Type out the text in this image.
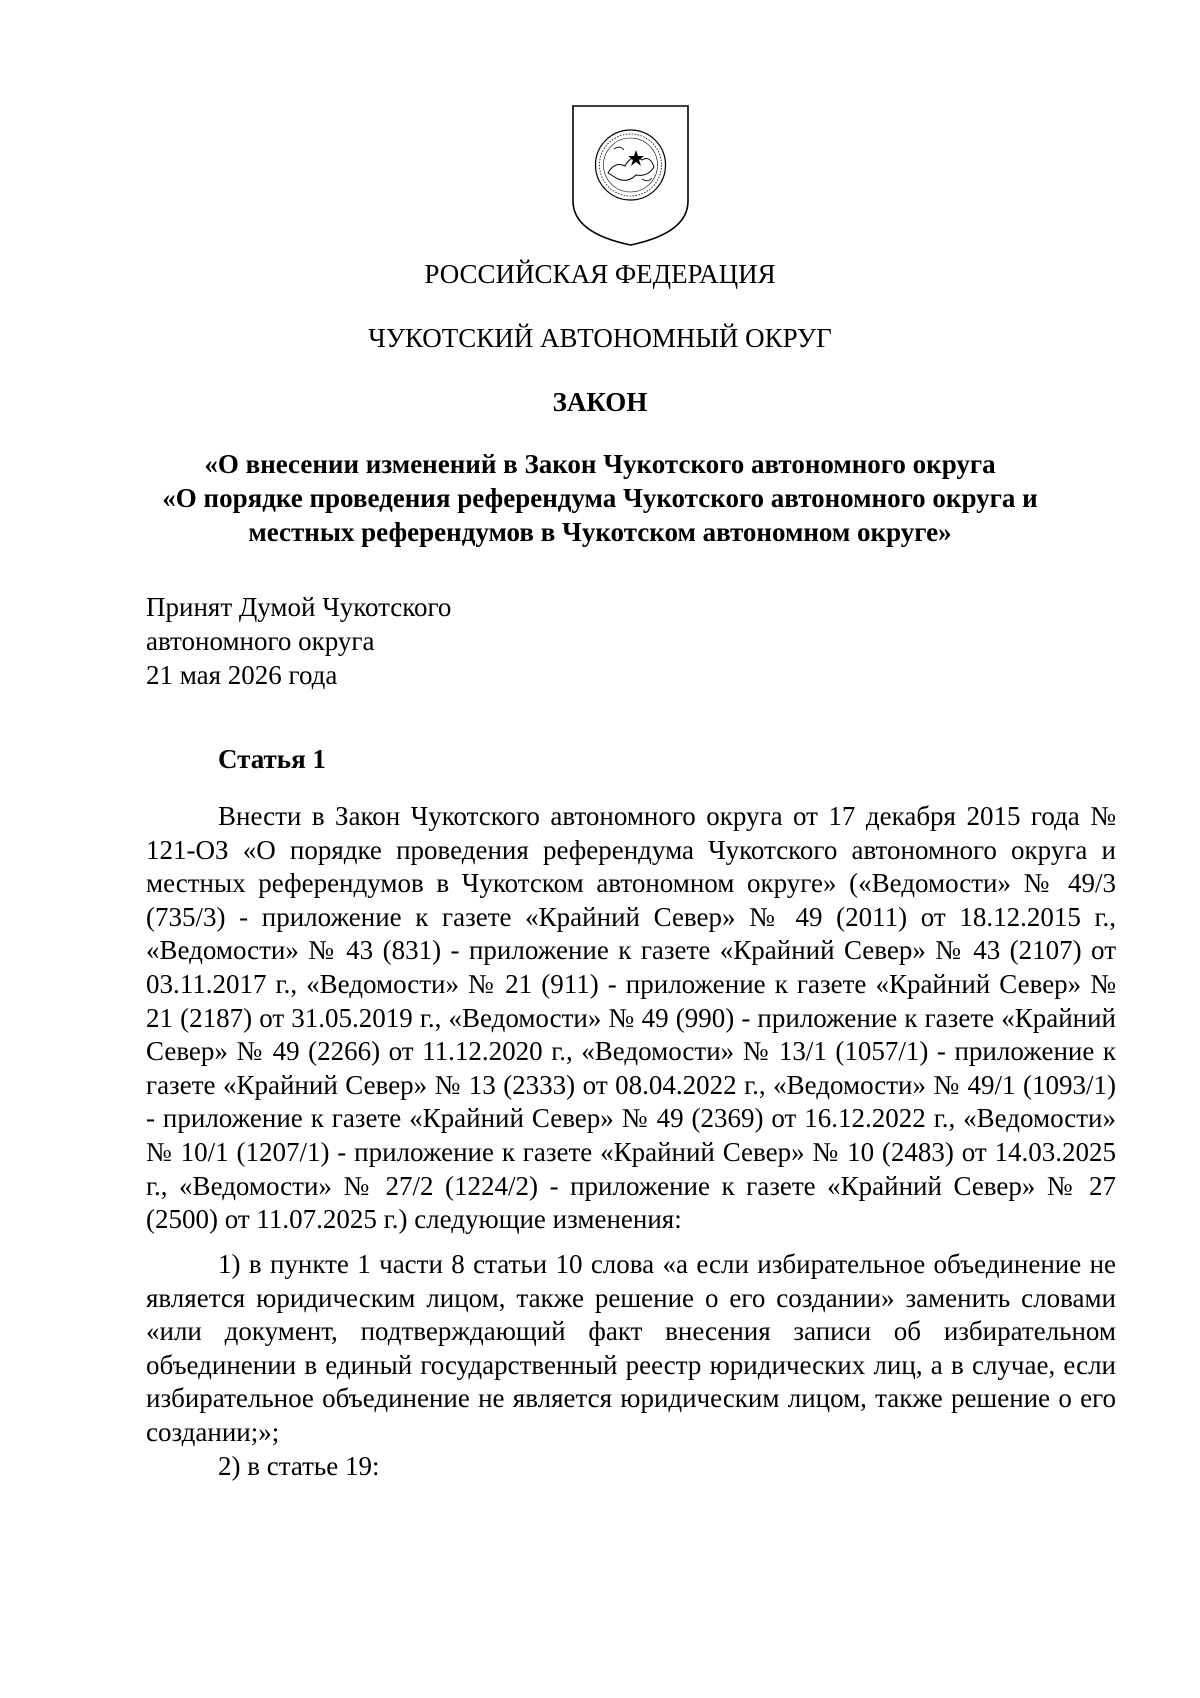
РОССИЙСКАЯ ФЕДЕРАЦИЯ
ЧУКОТСКИЙ АВТОНОМНЫЙ ОКРУГ
ЗАКОН
«О внесении изменений в Закон Чукотского автономного округа
«О порядке проведения референдума Чукотского автономного округа и
местных референдумов в Чукотском автономном округе»
Принят Думой Чукотского
автономного округа
21 мая 2026 года
Статья 1
Внести в Закон Чукотского автономного округа от 17 декабря 2015 года № 121-ОЗ «О порядке проведения референдума Чукотского автономного округа и местных референдумов в Чукотском автономном округе» («Ведомости» № 49/3 (735/3) - приложение к газете «Крайний Север» № 49 (2011) от 18.12.2015 г., «Ведомости» № 43 (831) - приложение к газете «Крайний Север» № 43 (2107) от 03.11.2017 г., «Ведомости» № 21 (911) - приложение к газете «Крайний Север» № 21 (2187) от 31.05.2019 г., «Ведомости» № 49 (990) - приложение к газете «Крайний Север» № 49 (2266) от 11.12.2020 г., «Ведомости» № 13/1 (1057/1) - приложение к газете «Крайний Север» № 13 (2333) от 08.04.2022 г., «Ведомости» № 49/1 (1093/1) - приложение к газете «Крайний Север» № 49 (2369) от 16.12.2022 г., «Ведомости» № 10/1 (1207/1) - приложение к газете «Крайний Север» № 10 (2483) от 14.03.2025 г., «Ведомости» № 27/2 (1224/2) - приложение к газете «Крайний Север» № 27 (2500) от 11.07.2025 г.) следующие изменения:
1) в пункте 1 части 8 статьи 10 слова «а если избирательное объединение не является юридическим лицом, также решение о его создании» заменить словами «или документ, подтверждающий факт внесения записи об избирательном объединении в единый государственный реестр юридических лиц, а в случае, если избирательное объединение не является юридическим лицом, также решение о его создании;»;
2) в статье 19:
